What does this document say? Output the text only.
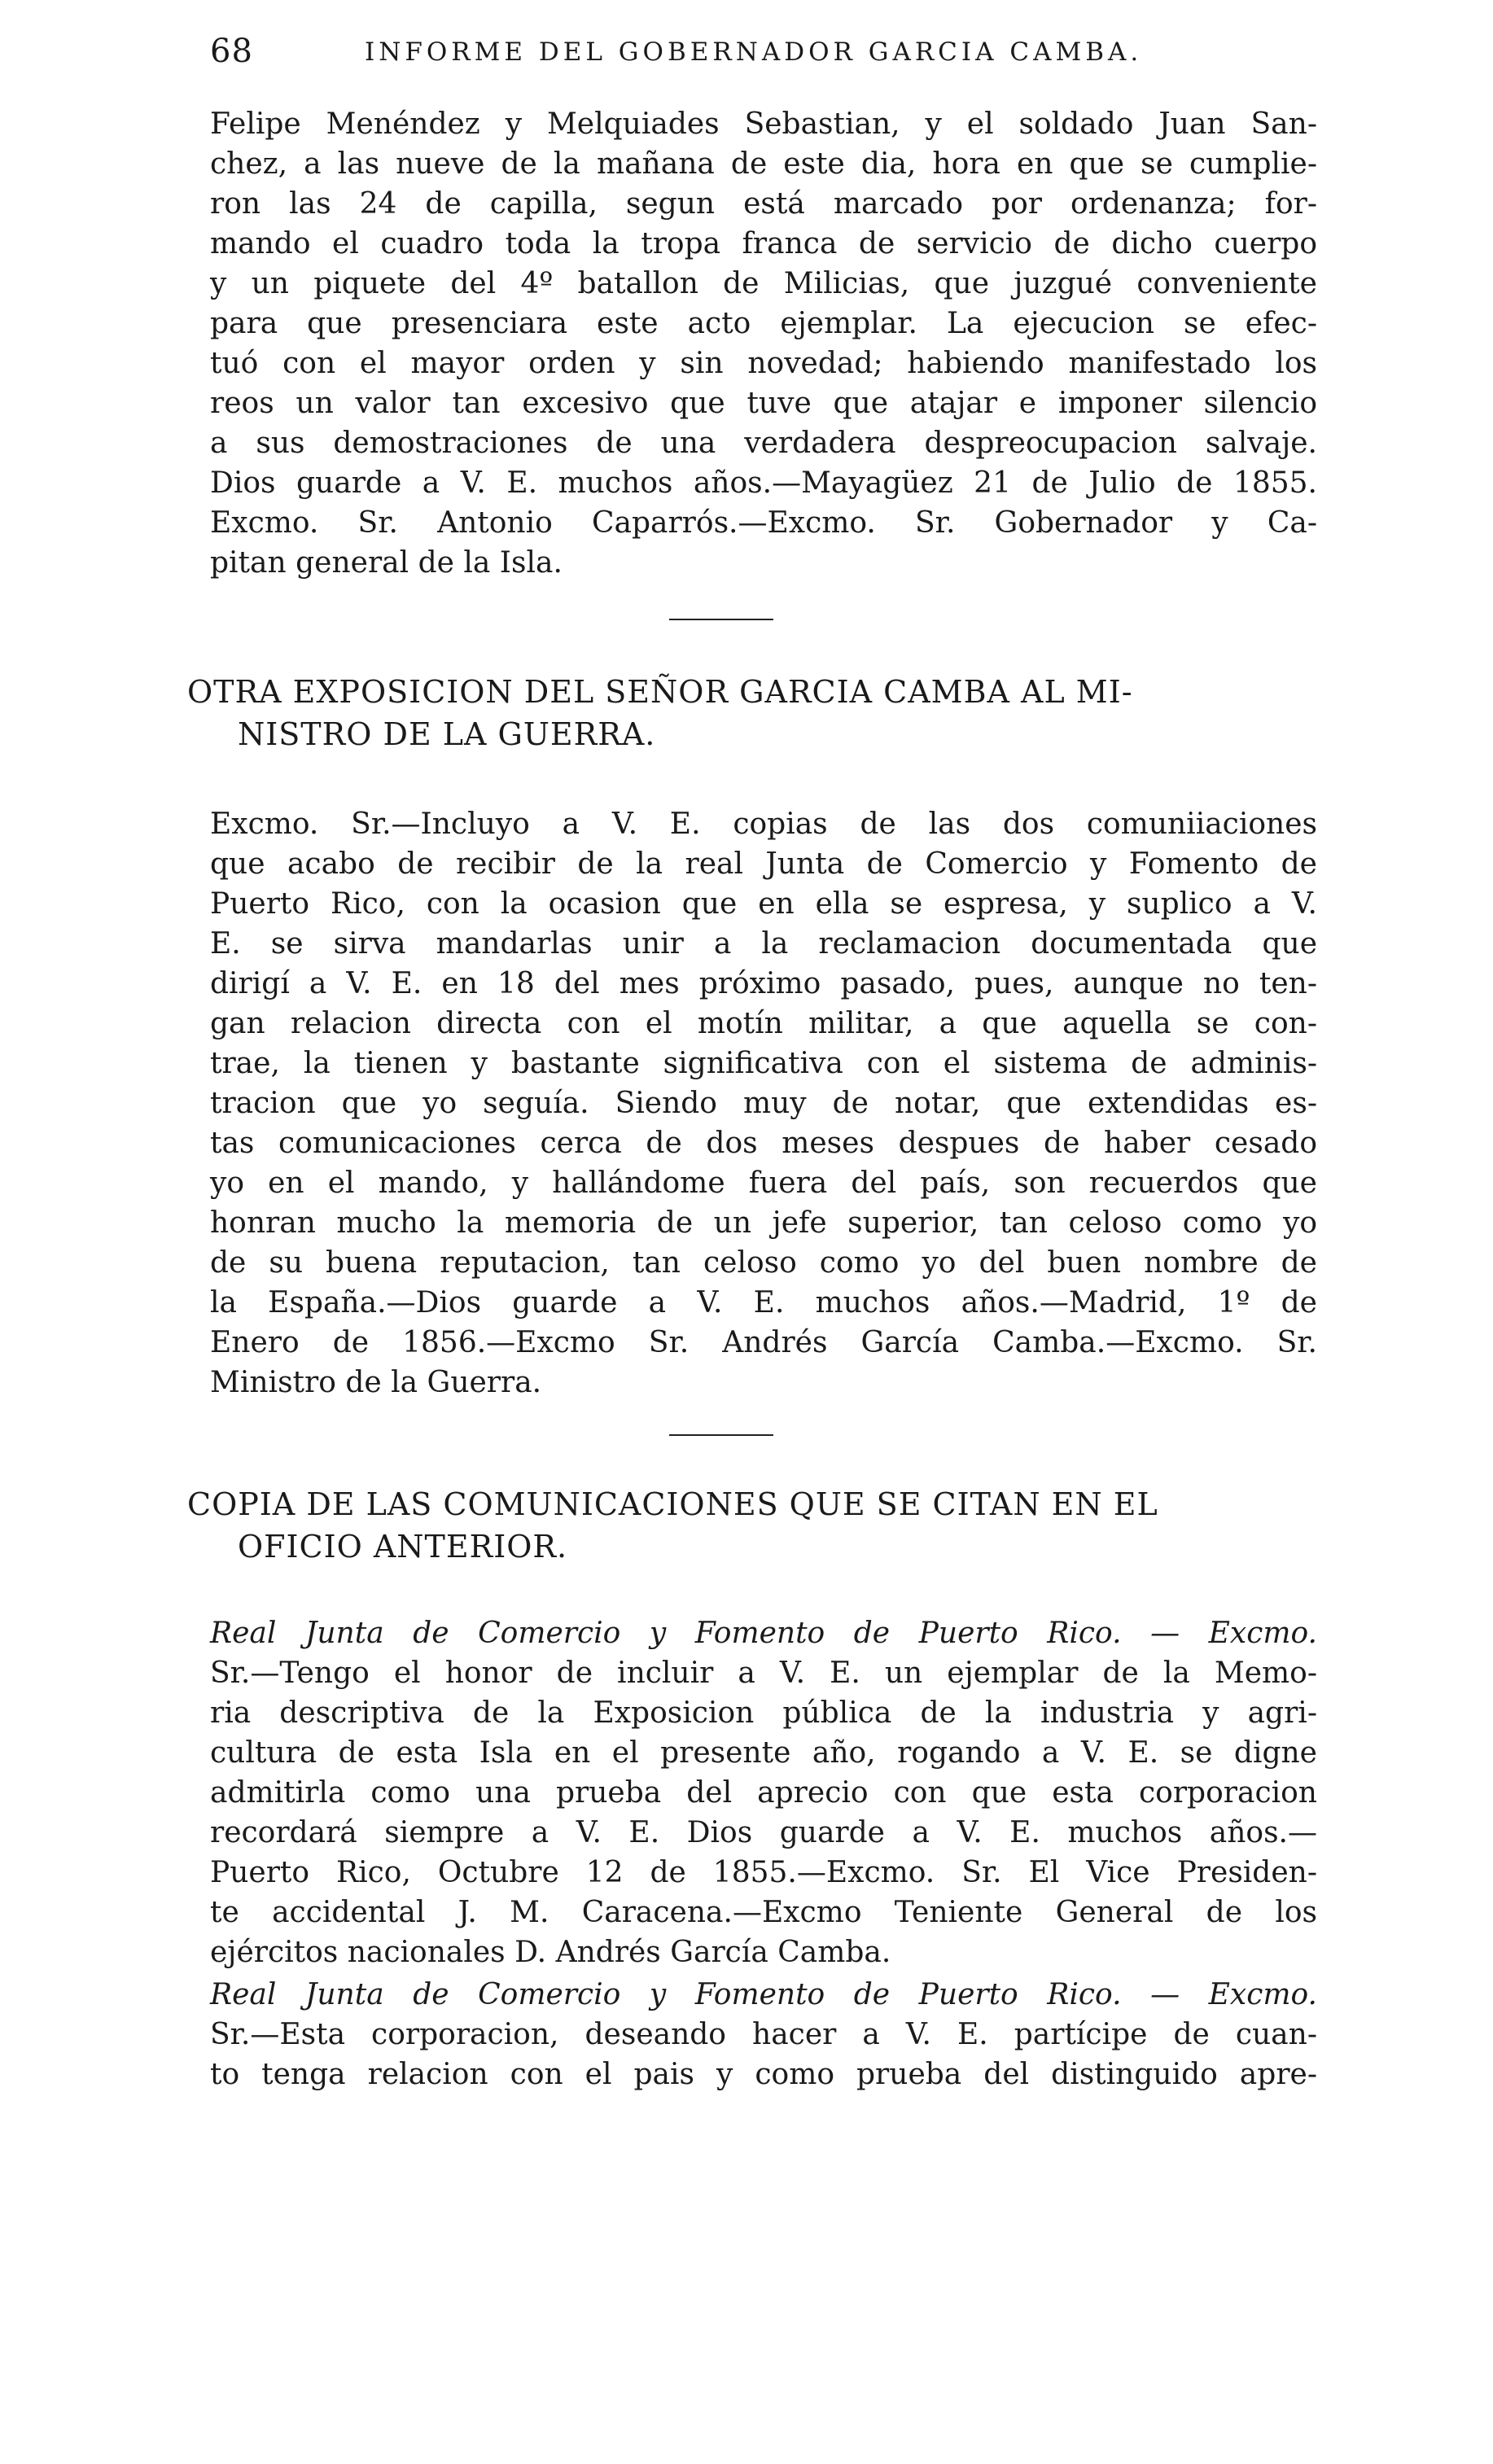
68	INFORME DEL GOBERNADOR GARCIA CAMBA.
Felipe Menéndez y Melquiades Sebastian, y el soldado Juan San-
chez, a las nueve de la mañana de este dia, hora en que se cumplie-
ron las 24 de capilla, segun está marcado por ordenanza; for-
mando el cuadro toda la tropa franca de servicio de dicho cuerpo
y un piquete del 4º batallon de Milicias, que juzgué conveniente
para que presenciara este acto ejemplar. La ejecucion se efec-
tuó con el mayor orden y sin novedad; habiendo manifestado los
reos un valor tan excesivo que tuve que atajar e imponer silencio
a sus demostraciones de una verdadera despreocupacion salvaje.
Dios guarde a V. E. muchos años.—Mayagüez 21 de Julio de 1855.
Excmo. Sr. Antonio Caparrós.—Excmo. Sr. Gobernador y Ca-
pitan general de la Isla.
OTRA EXPOSICION DEL SEÑOR GARCIA CAMBA AL MI-
NISTRO DE LA GUERRA.
Excmo. Sr.—Incluyo a V. E. copias de las dos comuniiaciones
que acabo de recibir de la real Junta de Comercio y Fomento de
Puerto Rico, con la ocasion que en ella se espresa, y suplico a V.
E. se sirva mandarlas unir a la reclamacion documentada que
dirigí a V. E. en 18 del mes próximo pasado, pues, aunque no ten-
gan relacion directa con el motín militar, a que aquella se con-
trae, la tienen y bastante significativa con el sistema de adminis-
tracion que yo seguía. Siendo muy de notar, que extendidas es-
tas comunicaciones cerca de dos meses despues de haber cesado
yo en el mando, y hallándome fuera del país, son recuerdos que
honran mucho la memoria de un jefe superior, tan celoso como yo
de su buena reputacion, tan celoso como yo del buen nombre de
la España.—Dios guarde a V. E. muchos años.—Madrid, 1º de
Enero de 1856.—Excmo Sr. Andrés García Camba.—Excmo. Sr.
Ministro de la Guerra.
COPIA DE LAS COMUNICACIONES QUE SE CITAN EN EL
OFICIO ANTERIOR.
Real Junta de Comercio y Fomento de Puerto Rico. — Excmo.
Sr.—Tengo el honor de incluir a V. E. un ejemplar de la Memo-
ria descriptiva de la Exposicion pública de la industria y agri-
cultura de esta Isla en el presente año, rogando a V. E. se digne
admitirla como una prueba del aprecio con que esta corporacion
recordará siempre a V. E. Dios guarde a V. E. muchos años.—
Puerto Rico, Octubre 12 de 1855.—Excmo. Sr. El Vice Presiden-
te accidental J. M. Caracena.—Excmo Teniente General de los
ejércitos nacionales D. Andrés García Camba.
Real Junta de Comercio y Fomento de Puerto Rico. — Excmo.
Sr.—Esta corporacion, deseando hacer a V. E. partícipe de cuan-
to tenga relacion con el pais y como prueba del distinguido apre-
